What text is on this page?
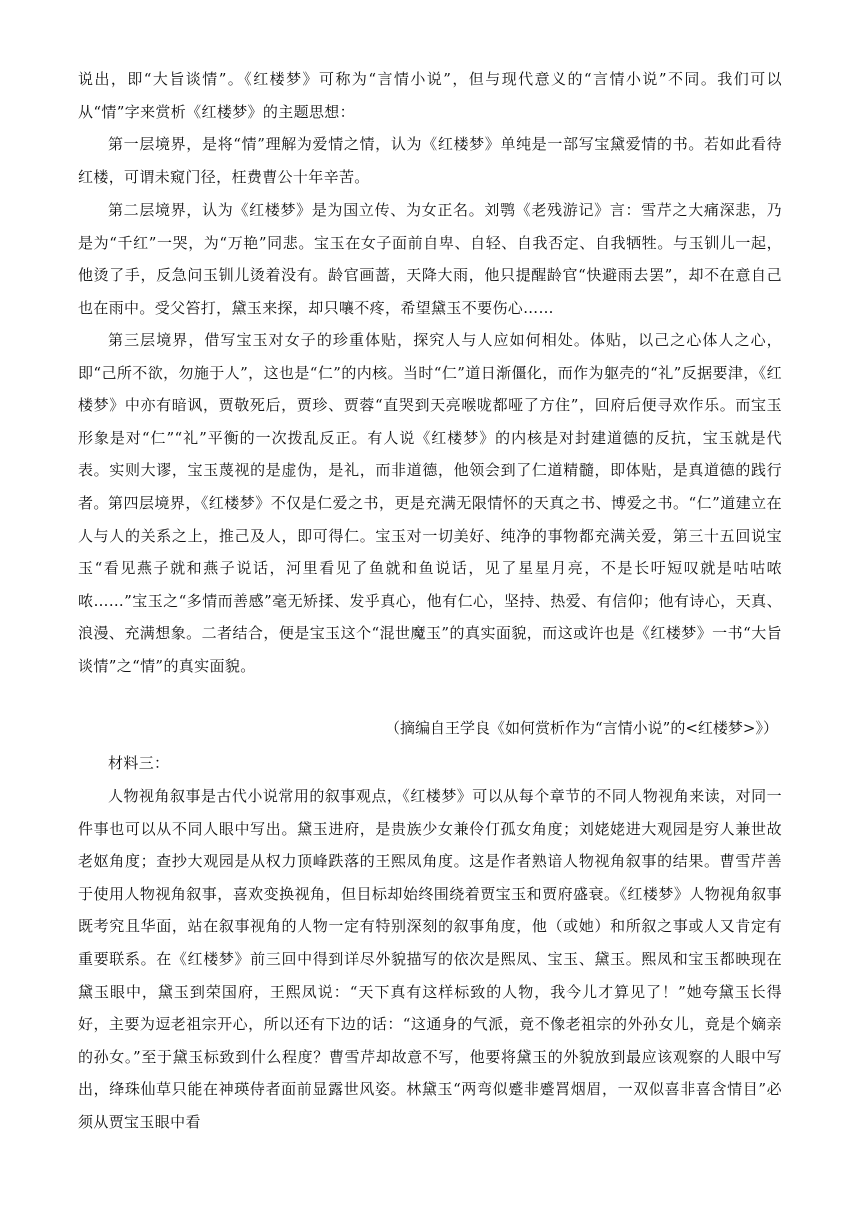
说出，即“大旨谈情”。《红楼梦》可称为“言情小说”，但与现代意义的“言情小说”不同。我们可以从“情”字来赏析《红楼梦》的主题思想：

第一层境界，是将“情”理解为爱情之情，认为《红楼梦》单纯是一部写宝黛爱情的书。若如此看待红楼，可谓未窥门径，枉费曹公十年辛苦。

第二层境界，认为《红楼梦》是为国立传、为女正名。刘鹗《老残游记》言：雪芹之大痛深悲，乃是为“千红”一哭，为“万艳”同悲。宝玉在女子面前自卑、自轻、自我否定、自我牺牲。与玉钏儿一起，他烫了手，反急问玉钏儿烫着没有。龄官画蔷，天降大雨，他只提醒龄官“快避雨去罢”，却不在意自己也在雨中。受父笞打，黛玉来探，却只嚷不疼，希望黛玉不要伤心……

第三层境界，借写宝玉对女子的珍重体贴，探究人与人应如何相处。体贴，以己之心体人之心，即“己所不欲，勿施于人”，这也是“仁”的内核。当时“仁”道日渐僵化，而作为躯壳的“礼”反据要津，《红楼梦》中亦有暗讽，贾敬死后，贾珍、贾蓉“直哭到天亮喉咙都哑了方住”，回府后便寻欢作乐。而宝玉形象是对“仁”“礼”平衡的一次拨乱反正。有人说《红楼梦》的内核是对封建道德的反抗，宝玉就是代表。实则大谬，宝玉蔑视的是虚伪，是礼，而非道德，他领会到了仁道精髓，即体贴，是真道德的践行者。 第四层境界，《红楼梦》不仅是仁爱之书，更是充满无限情怀的天真之书、博爱之书。“仁”道建立在人与人的关系之上，推己及人，即可得仁。宝玉对一切美好、纯净的事物都充满关爱，第三十五回说宝玉“看见燕子就和燕子说话，河里看见了鱼就和鱼说话，见了星星月亮，不是长吁短叹就是咕咕哝哝……”宝玉之“多情而善感”毫无矫揉、发乎真心，他有仁心，坚持、热爱、有信仰；他有诗心，天真、浪漫、充满想象。二者结合，便是宝玉这个“混世魔玉”的真实面貌，而这或许也是《红楼梦》一书“大旨谈情”之“情”的真实面貌。

（摘编自王学良《如何赏析作为“言情小说”的<红楼梦>》）

材料三：

人物视角叙事是古代小说常用的叙事观点，《红楼梦》可以从每个章节的不同人物视角来读，对同一件事也可以从不同人眼中写出。黛玉进府，是贵族少女兼伶仃孤女角度；刘姥姥进大观园是穷人兼世故老妪角度；查抄大观园是从权力顶峰跌落的王熙凤角度。这是作者熟谙人物视角叙事的结果。曹雪芹善于使用人物视角叙事，喜欢变换视角，但目标却始终围绕着贾宝玉和贾府盛衰。《红楼梦》人物视角叙事既考究且华面，站在叙事视角的人物一定有特别深刻的叙事角度，他（或她）和所叙之事或人又肯定有重要联系。在《红楼梦》前三回中得到详尽外貌描写的依次是熙凤、宝玉、黛玉。熙凤和宝玉都映现在黛玉眼中，黛玉到荣国府，王熙凤说：“天下真有这样标致的人物，我今儿才算见了！”她夸黛玉长得好，主要为逗老祖宗开心，所以还有下边的话：“这通身的气派，竟不像老祖宗的外孙女儿，竟是个嫡亲的孙女。”至于黛玉标致到什么程度？曹雪芹却故意不写，他要将黛玉的外貌放到最应该观察的人眼中写出，绛珠仙草只能在神瑛侍者面前显露世风姿。林黛玉“两弯似蹙非蹙罥烟眉，一双似喜非喜含情目”必须从贾宝玉眼中看
